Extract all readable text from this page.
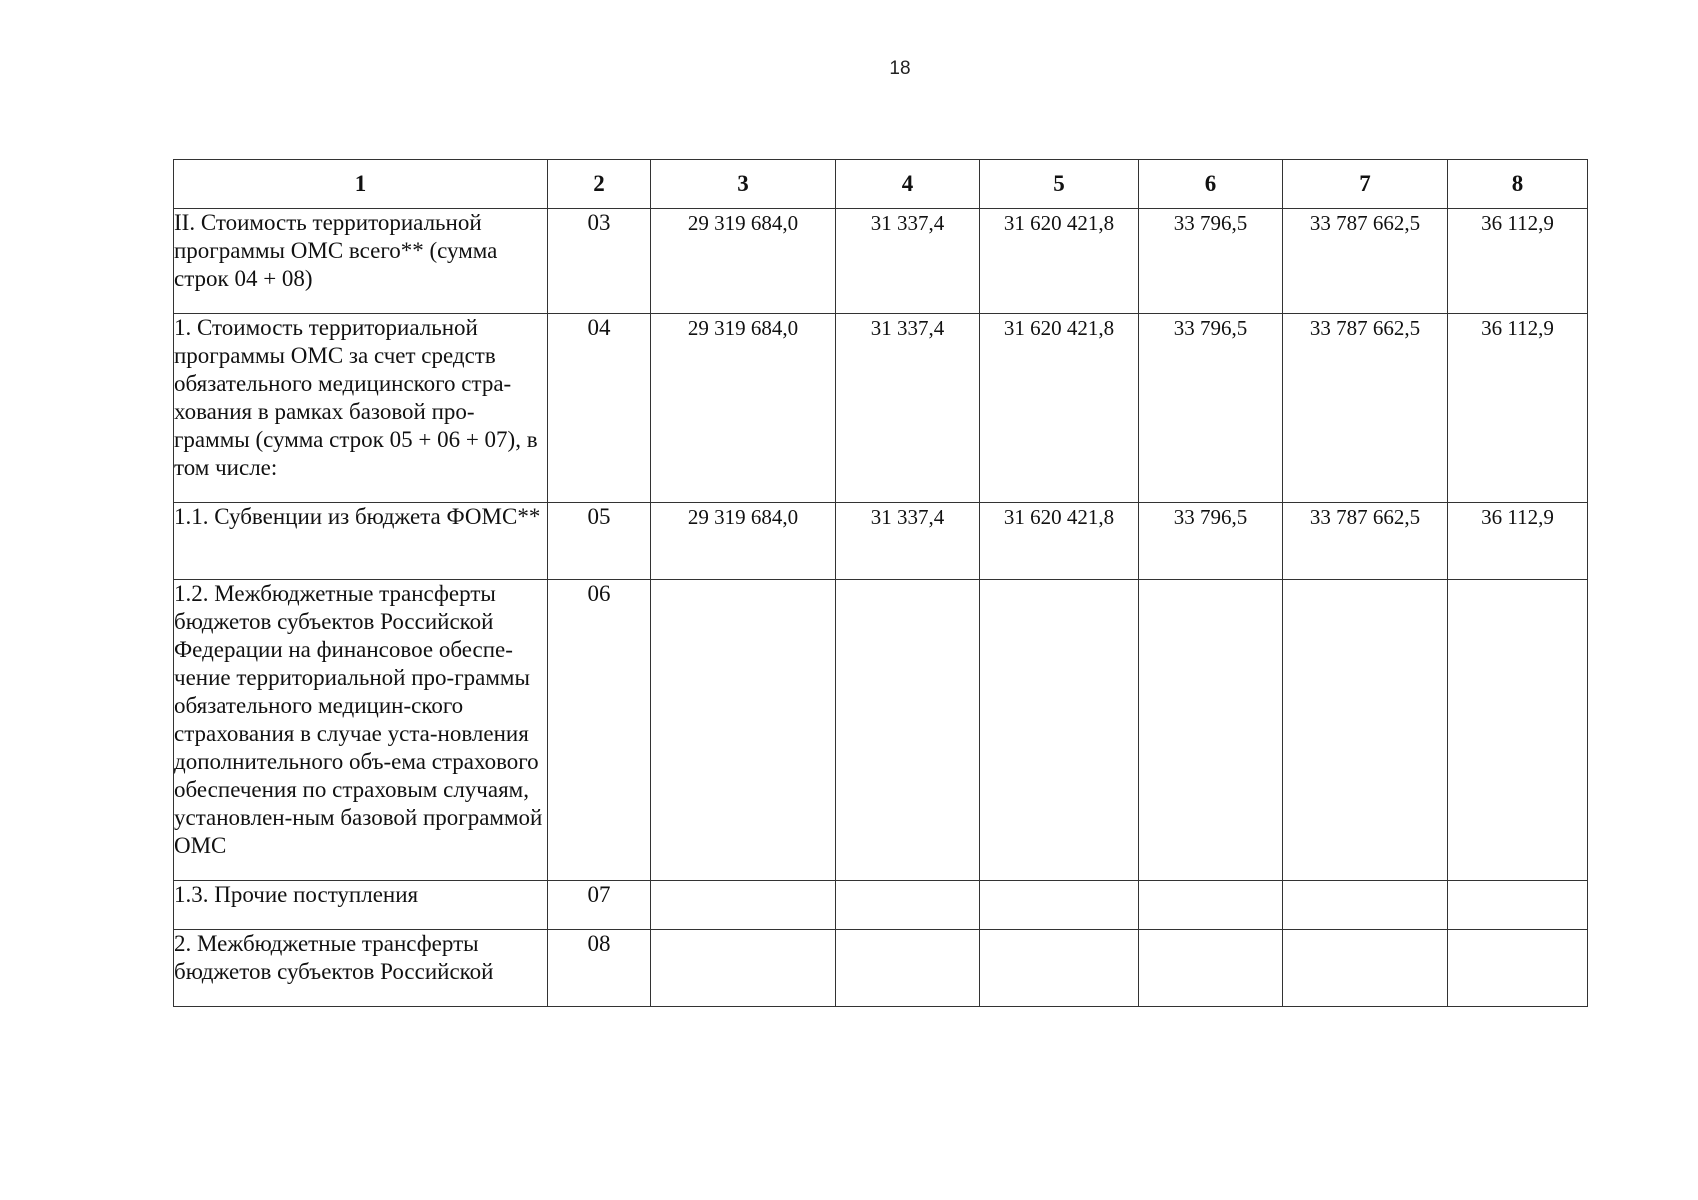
18
1	2	3	4	5	6	7	8
II. Стоимость территориальной программы ОМС всего** (сумма строк 04 + 08)	03	29 319 684,0	31 337,4	31 620 421,8	33 796,5	33 787 662,5	36 112,9
1. Стоимость территориальной программы ОМС за счет средств обязательного медицинского стра-хования в рамках базовой про-граммы (сумма строк 05 + 06 + 07), в том числе:	04	29 319 684,0	31 337,4	31 620 421,8	33 796,5	33 787 662,5	36 112,9
1.1. Субвенции из бюджета ФОМС**	05	29 319 684,0	31 337,4	31 620 421,8	33 796,5	33 787 662,5	36 112,9
1.2. Межбюджетные трансферты бюджетов субъектов Российской Федерации на финансовое обеспе-чение территориальной про-граммы обязательного медицин-ского страхования в случае уста-новления дополнительного объ-ема страхового обеспечения по страховым случаям, установлен-ным базовой программой ОМС	06						
1.3. Прочие поступления	07						
2. Межбюджетные трансферты бюджетов субъектов Российской	08						
